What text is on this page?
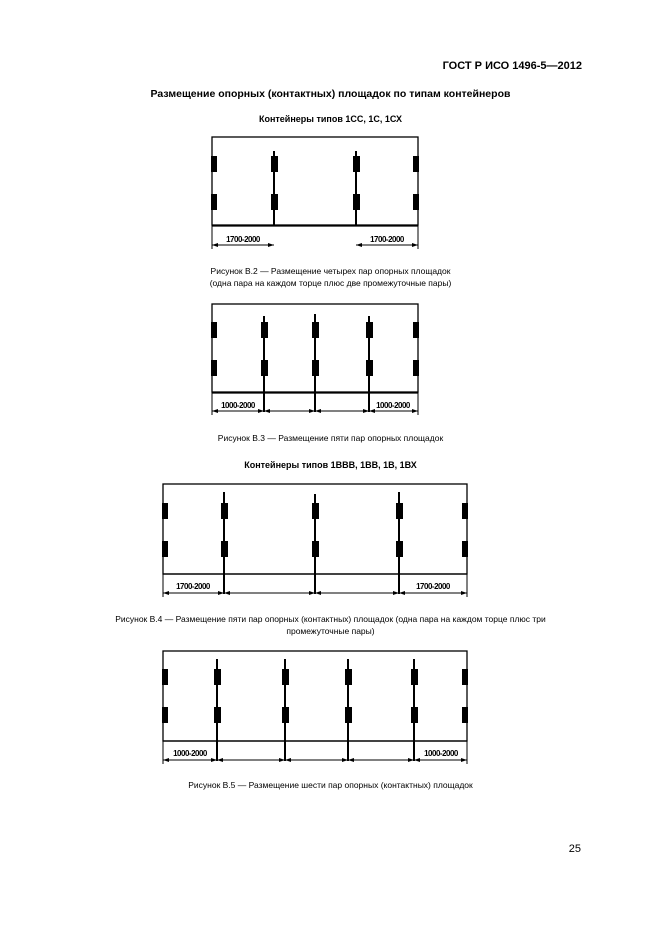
ГОСТ Р ИСО 1496-5—2012
Размещение опорных (контактных) площадок по типам контейнеров
Контейнеры типов 1СС, 1С, 1СХ
1700-2000	1700-2000
Рисунок В.2 — Размещение четырех пар опорных площадок
(одна пара на каждом торце плюс две промежуточные пары)
1000-2000	1000-2000
Рисунок В.3 — Размещение пяти пар опорных площадок
Контейнеры типов 1ВВВ, 1ВВ, 1В, 1ВХ
1700-2000	1700-2000
Рисунок В.4 — Размещение пяти пар опорных (контактных) площадок (одна пара на каждом торце плюс три
промежуточные пары)
1000-2000	1000-2000
Рисунок В.5 — Размещение шести пар опорных (контактных) площадок
25
